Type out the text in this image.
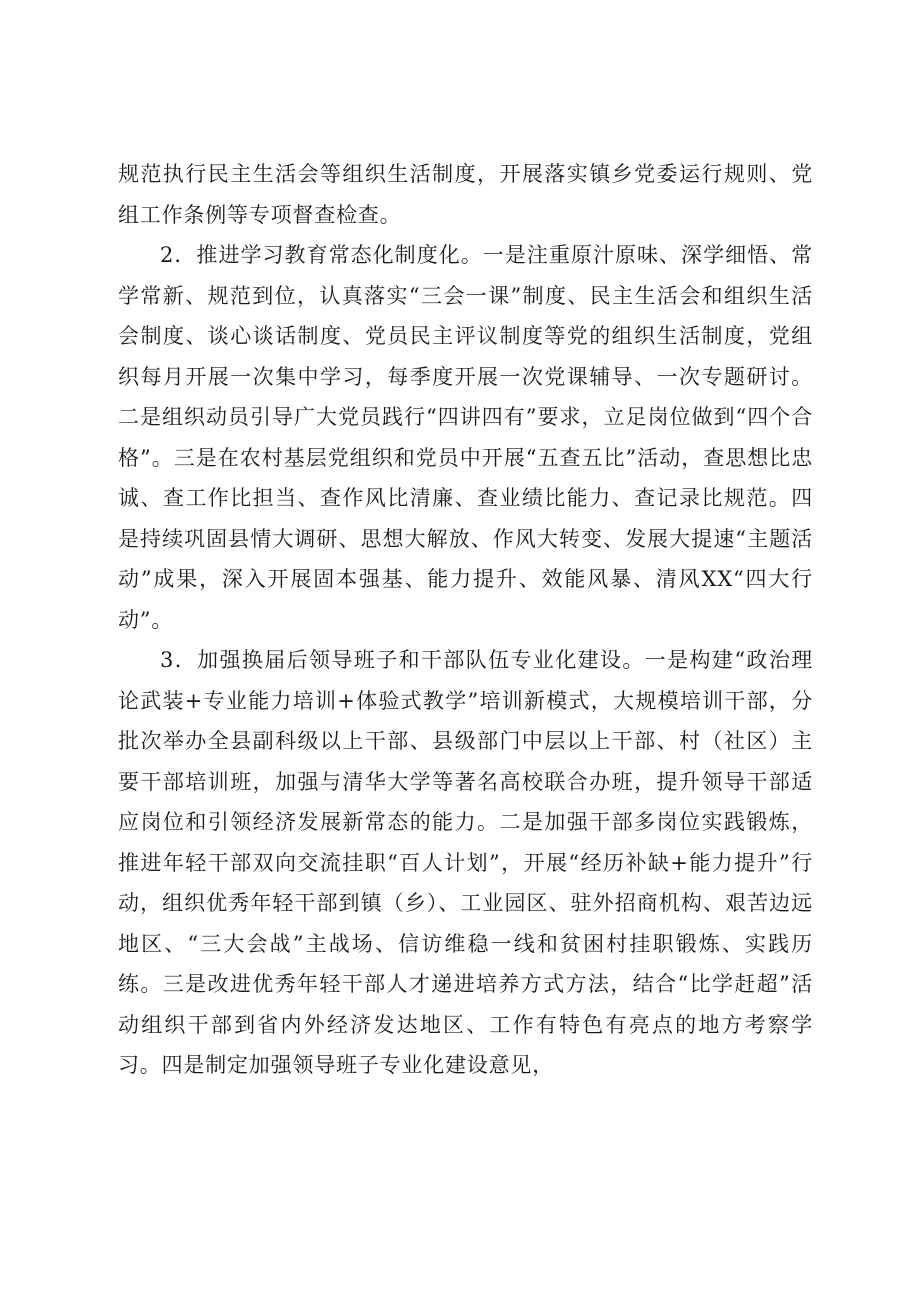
规范执行民主生活会等组织生活制度，开展落实镇乡党委运行规则、党组工作条例等专项督查检查。

2．推进学习教育常态化制度化。一是注重原汁原味、深学细悟、常学常新、规范到位，认真落实“三会一课”制度、民主生活会和组织生活会制度、谈心谈话制度、党员民主评议制度等党的组织生活制度，党组织每月开展一次集中学习，每季度开展一次党课辅导、一次专题研讨。二是组织动员引导广大党员践行“四讲四有”要求，立足岗位做到“四个合格”。三是在农村基层党组织和党员中开展“五查五比”活动，查思想比忠诚、查工作比担当、查作风比清廉、查业绩比能力、查记录比规范。四是持续巩固县情大调研、思想大解放、作风大转变、发展大提速“主题活动”成果，深入开展固本强基、能力提升、效能风暴、清风XX“四大行动”。

3．加强换届后领导班子和干部队伍专业化建设。一是构建“政治理论武装+专业能力培训+体验式教学”培训新模式，大规模培训干部，分批次举办全县副科级以上干部、县级部门中层以上干部、村（社区）主要干部培训班，加强与清华大学等著名高校联合办班，提升领导干部适应岗位和引领经济发展新常态的能力。二是加强干部多岗位实践锻炼，推进年轻干部双向交流挂职“百人计划”，开展“经历补缺+能力提升”行动，组织优秀年轻干部到镇（乡）、工业园区、驻外招商机构、艰苦边远地区、“三大会战”主战场、信访维稳一线和贫困村挂职锻炼、实践历练。三是改进优秀年轻干部人才递进培养方式方法，结合“比学赶超”活动组织干部到省内外经济发达地区、工作有特色有亮点的地方考察学习。四是制定加强领导班子专业化建设意见，
